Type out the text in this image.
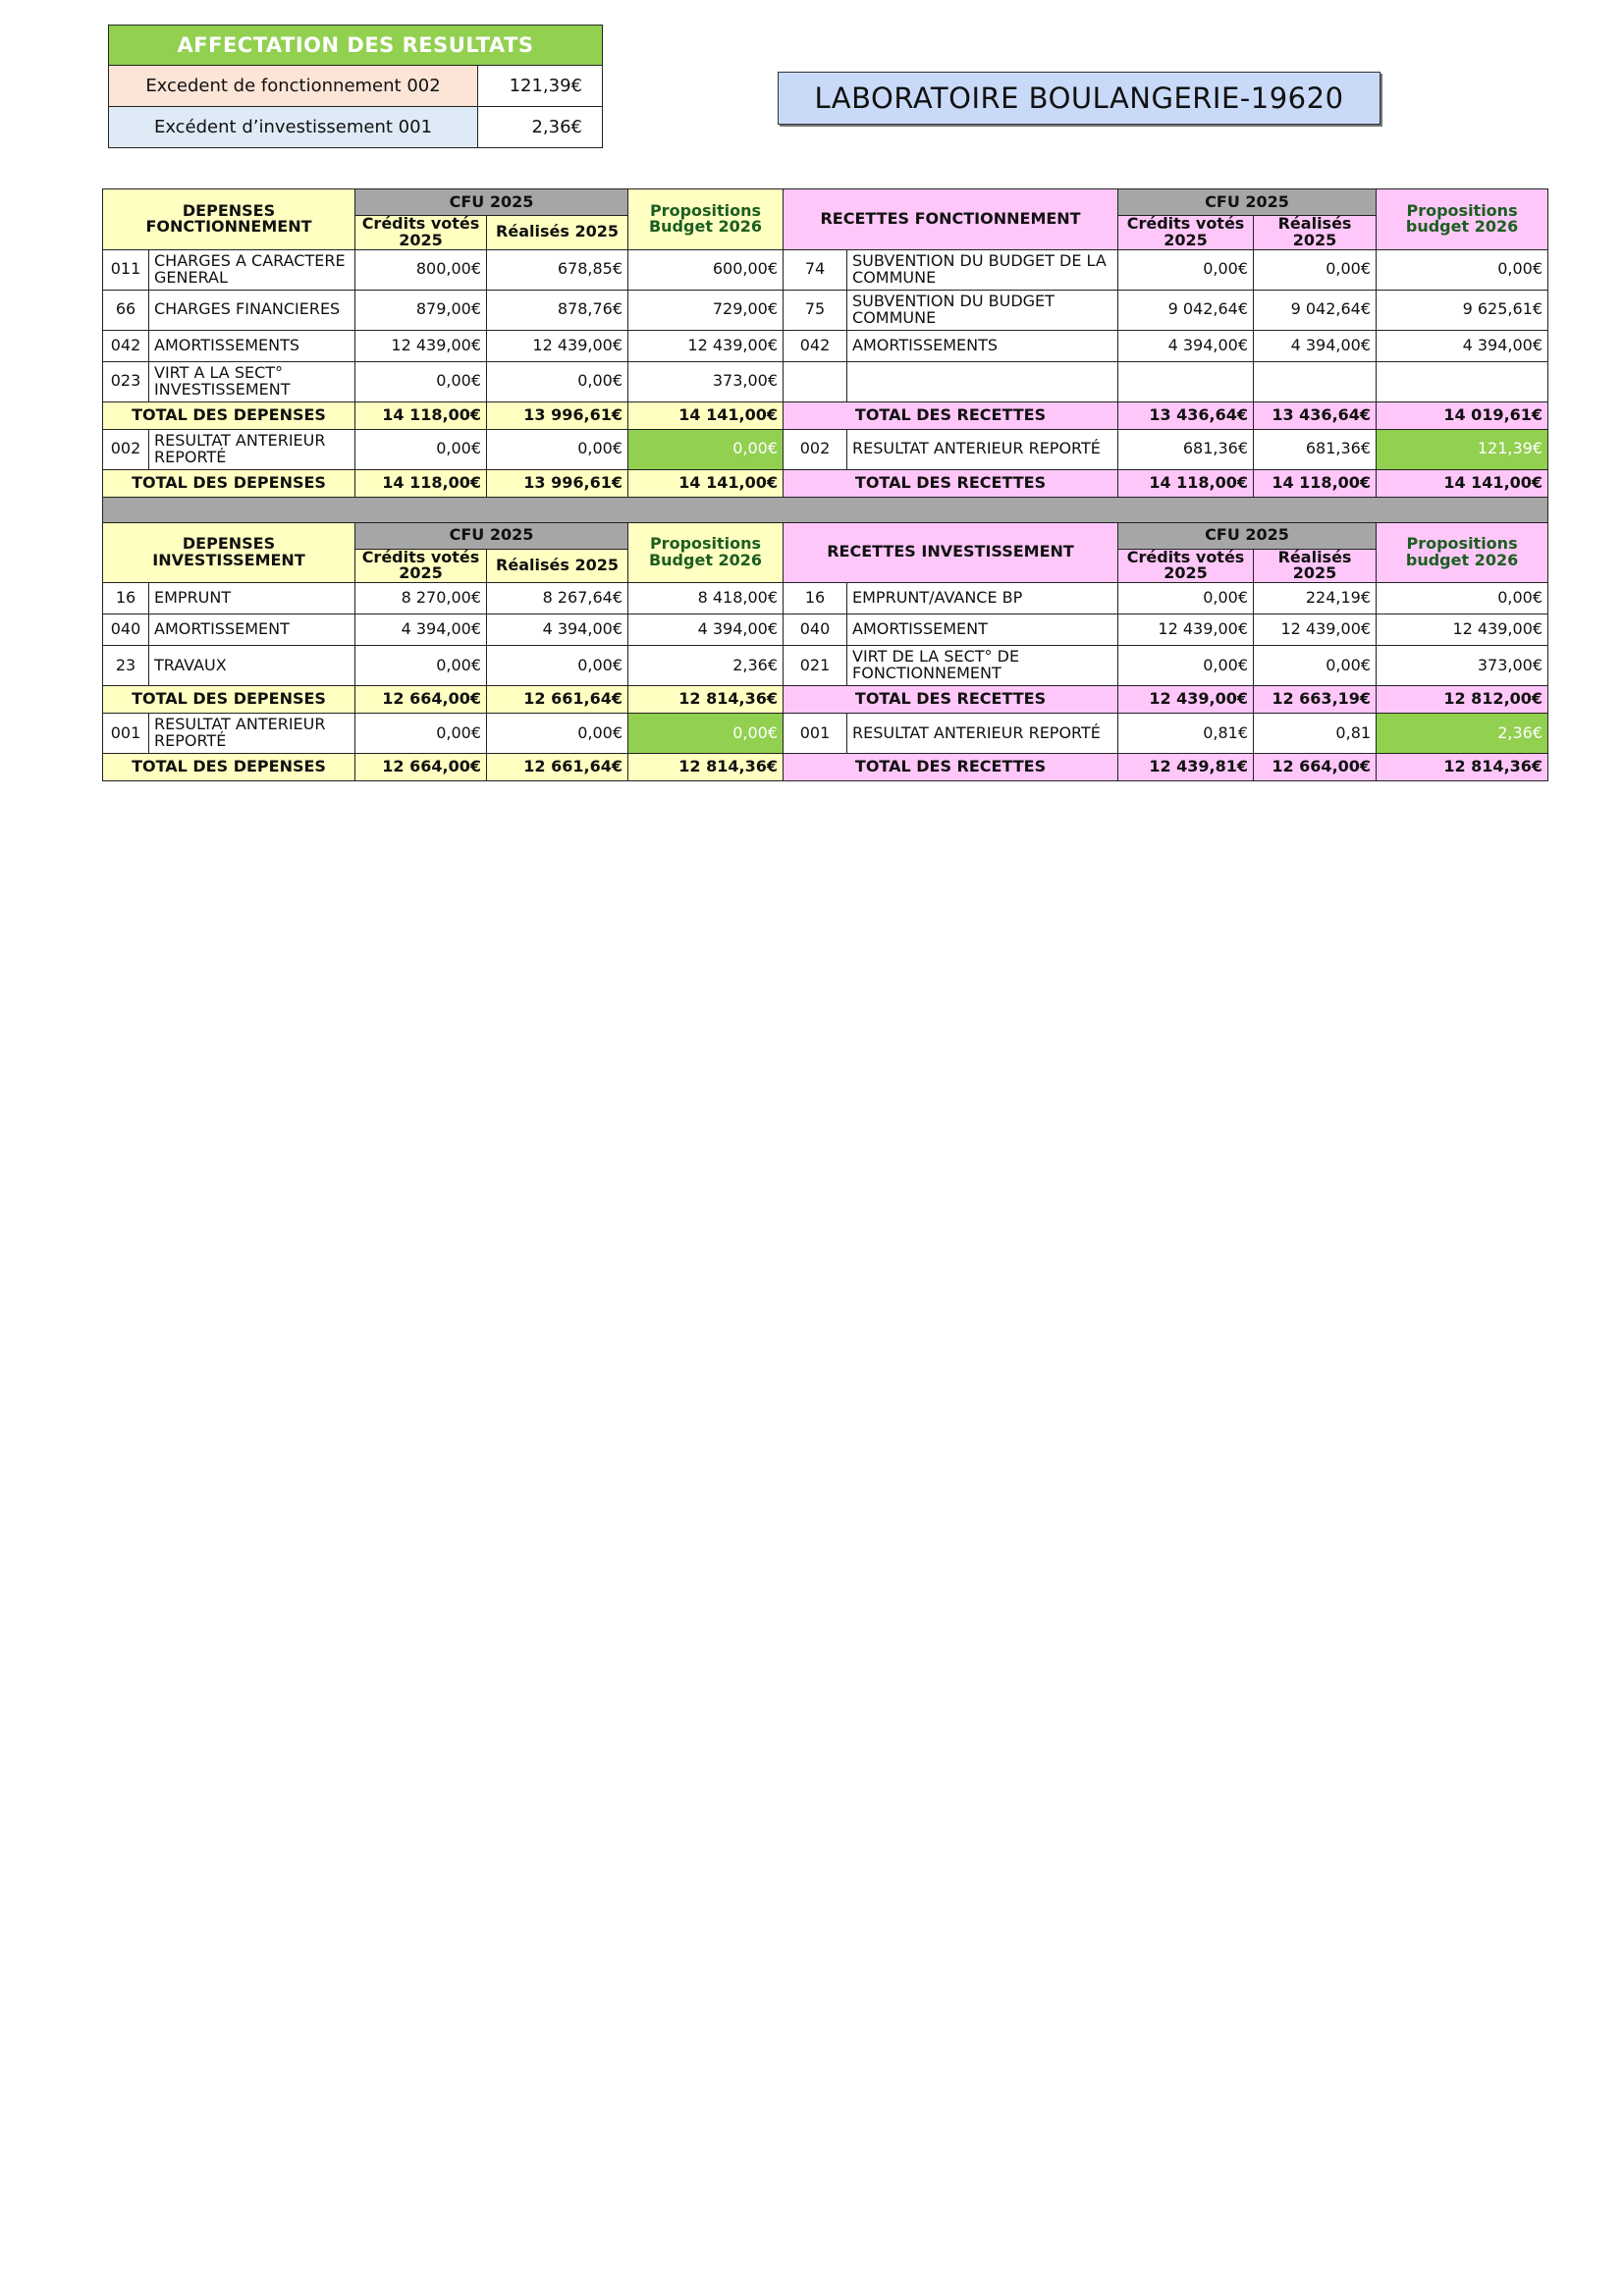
AFFECTATION DES RESULTATS	
Excedent de fonctionnement 002	121,39€
Excédent d’investissement 001	2,36€
LABORATOIRE BOULANGERIE-19620
DEPENSES FONCTIONNEMENT		CFU 2025		Propositions Budget 2026	RECETTES FONCTIONNEMENT		CFU 2025		Propositions budget 2026
		Crédits votés 2025	Réalisés 2025				Crédits votés 2025	Réalisés 2025	
011	CHARGES A CARACTERE GENERAL	800,00€	678,85€	600,00€	74	SUBVENTION DU BUDGET DE LA COMMUNE	0,00€	0,00€	0,00€
66	CHARGES FINANCIERES	879,00€	878,76€	729,00€	75	SUBVENTION DU BUDGET COMMUNE	9 042,64€	9 042,64€	9 625,61€
042	AMORTISSEMENTS	12 439,00€	12 439,00€	12 439,00€	042	AMORTISSEMENTS	4 394,00€	4 394,00€	4 394,00€
023	VIRT A LA SECT° INVESTISSEMENT	0,00€	0,00€	373,00€					
TOTAL DES DEPENSES		14 118,00€	13 996,61€	14 141,00€	TOTAL DES RECETTES		13 436,64€	13 436,64€	14 019,61€
002	RESULTAT ANTERIEUR REPORTÉ	0,00€	0,00€	0,00€	002	RESULTAT ANTERIEUR REPORTÉ	681,36€	681,36€	121,39€
TOTAL DES DEPENSES		14 118,00€	13 996,61€	14 141,00€	TOTAL DES RECETTES		14 118,00€	14 118,00€	14 141,00€

DEPENSES INVESTISSEMENT		CFU 2025		Propositions Budget 2026	RECETTES INVESTISSEMENT		CFU 2025		Propositions budget 2026
		Crédits votés 2025	Réalisés 2025				Crédits votés 2025	Réalisés 2025	
16	EMPRUNT	8 270,00€	8 267,64€	8 418,00€	16	EMPRUNT/AVANCE BP	0,00€	224,19€	0,00€
040	AMORTISSEMENT	4 394,00€	4 394,00€	4 394,00€	040	AMORTISSEMENT	12 439,00€	12 439,00€	12 439,00€
23	TRAVAUX	0,00€	0,00€	2,36€	021	VIRT DE LA SECT° DE FONCTIONNEMENT	0,00€	0,00€	373,00€
TOTAL DES DEPENSES		12 664,00€	12 661,64€	12 814,36€	TOTAL DES RECETTES		12 439,00€	12 663,19€	12 812,00€
001	RESULTAT ANTERIEUR REPORTÉ	0,00€	0,00€	0,00€	001	RESULTAT ANTERIEUR REPORTÉ	0,81€	0,81	2,36€
TOTAL DES DEPENSES		12 664,00€	12 661,64€	12 814,36€	TOTAL DES RECETTES		12 439,81€	12 664,00€	12 814,36€
